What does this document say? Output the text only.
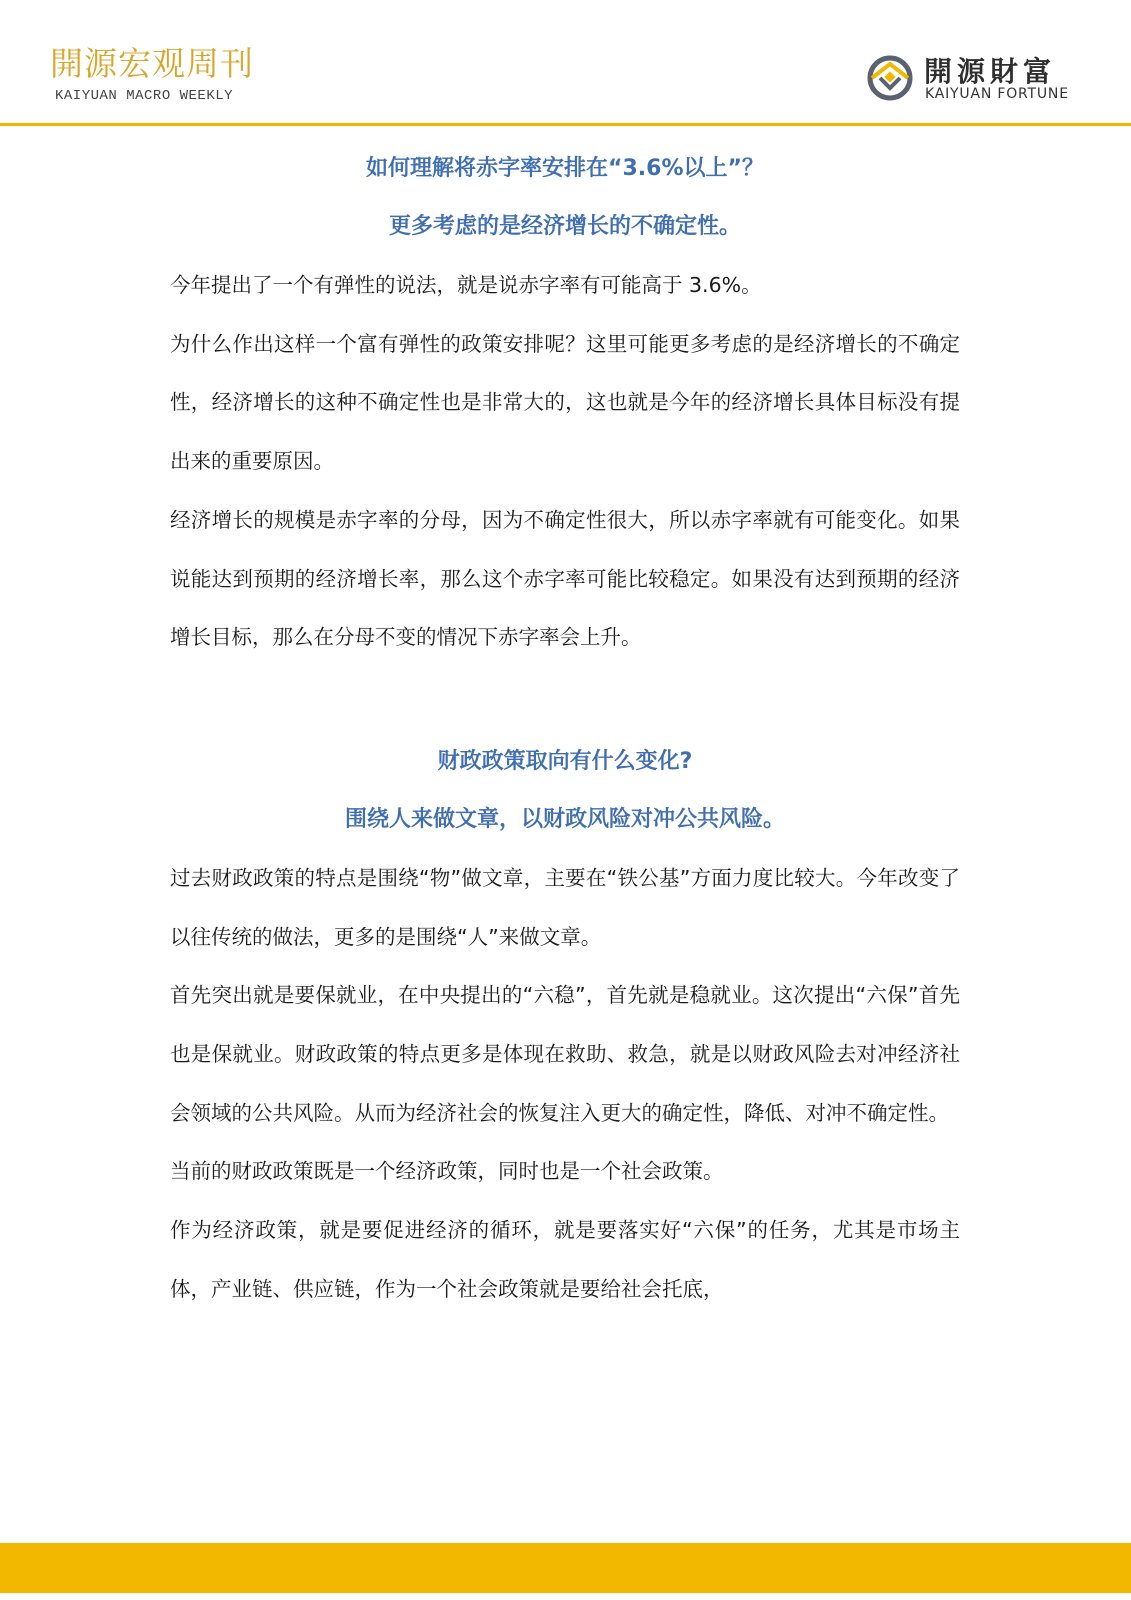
開源宏观周刊
KAIYUAN MACRO WEEKLY
開源財富
KAIYUAN FORTUNE
如何理解将赤字率安排在“3.6%以上”？
更多考虑的是经济增长的不确定性。

今年提出了一个有弹性的说法，就是说赤字率有可能高于 3.6%。

为什么作出这样一个富有弹性的政策安排呢？这里可能更多考虑的是经济增长的不确定性，经济增长的这种不确定性也是非常大的，这也就是今年的经济增长具体目标没有提出来的重要原因。

经济增长的规模是赤字率的分母，因为不确定性很大，所以赤字率就有可能变化。如果说能达到预期的经济增长率，那么这个赤字率可能比较稳定。如果没有达到预期的经济增长目标，那么在分母不变的情况下赤字率会上升。

财政政策取向有什么变化?
围绕人来做文章，以财政风险对冲公共风险。

过去财政政策的特点是围绕“物”做文章，主要在“铁公基”方面力度比较大。今年改变了以往传统的做法，更多的是围绕“人”来做文章。

首先突出就是要保就业，在中央提出的“六稳”，首先就是稳就业。这次提出“六保”首先也是保就业。财政政策的特点更多是体现在救助、救急，就是以财政风险去对冲经济社会领域的公共风险。从而为经济社会的恢复注入更大的确定性，降低、对冲不确定性。

当前的财政政策既是一个经济政策，同时也是一个社会政策。

作为经济政策，就是要促进经济的循环，就是要落实好“六保”的任务，尤其是市场主体，产业链、供应链，作为一个社会政策就是要给社会托底，
